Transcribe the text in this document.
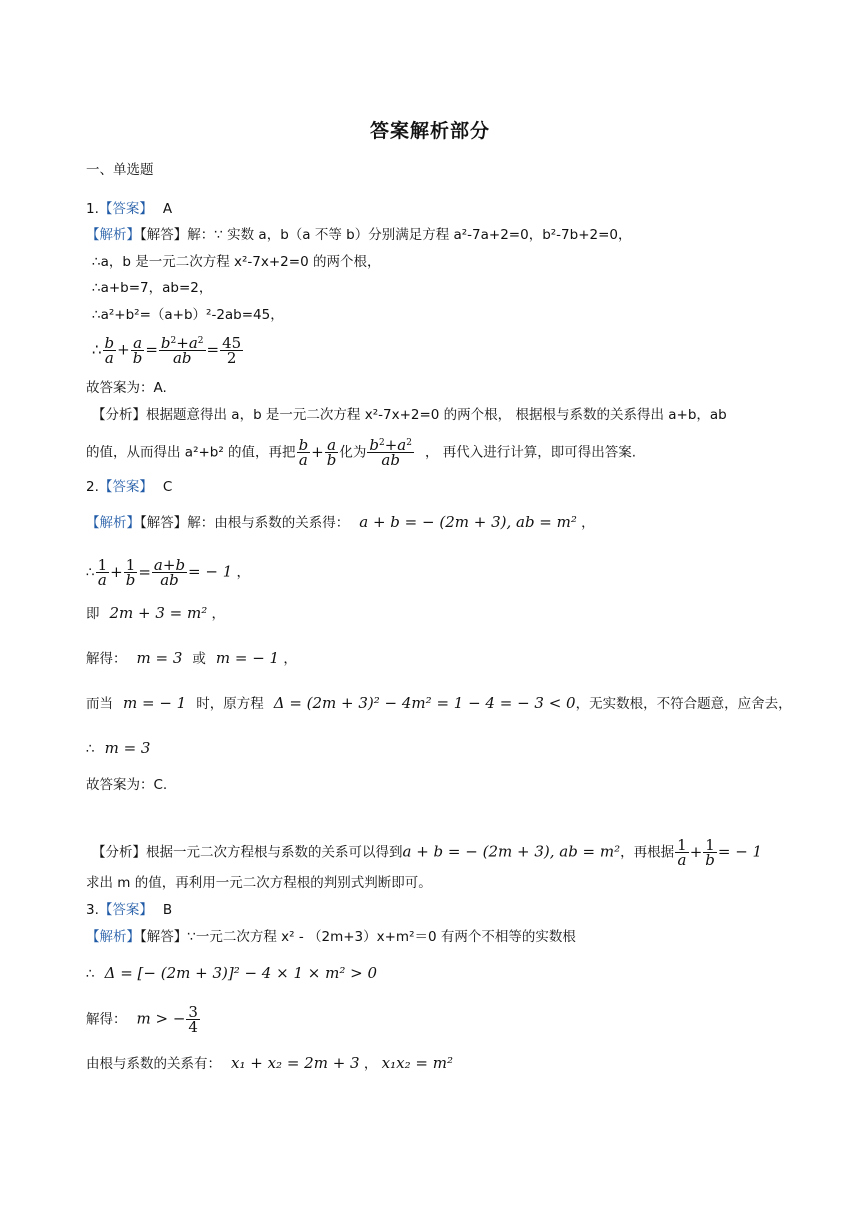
答案解析部分
一、单选题
1.【答案】 A
【解析】【解答】解：∵ 实数 a，b（a 不等 b）分别满足方程 a²-7a+2=0，b²-7b+2=0，
∴a，b 是一元二次方程 x²-7x+2=0 的两个根，
∴a+b=7，ab=2，
∴a²+b²=（a+b）²-2ab=45，
∴ $\frac{b}{a} + \frac{a}{b} = \frac{b^2+a^2}{ab} = \frac{45}{2}$
故答案为：A.
【分析】根据题意得出 a，b 是一元二次方程 x²-7x+2=0 的两个根， 根据根与系数的关系得出 a+b，ab
的值，从而得出 a²+b² 的值，再把 $\frac{b}{a} + \frac{a}{b}$ 化为 $\frac{b^2+a^2}{ab}$ ， 再代入进行计算，即可得出答案.
2.【答案】 C
【解析】【解答】解：由根与系数的关系得： a + b = − (2m + 3), ab = m² ，
∴ $\frac{1}{a} + \frac{1}{b} = \frac{a+b}{ab}$ = − 1 ，
即 2m + 3 = m² ，
解得： m = 3 或 m = − 1 ，
而当 m = − 1 时，原方程 Δ = (2m + 3)² − 4m² = 1 − 4 = − 3 < 0，无实数根，不符合题意，应舍去，
∴ m = 3
故答案为：C.
【分析】根据一元二次方程根与系数的关系可以得到a + b = − (2m + 3), ab = m²，再根据 $\frac{1}{a} + \frac{1}{b}$ = − 1
求出 m 的值，再利用一元二次方程根的判别式判断即可。
3.【答案】 B
【解析】【解答】∵一元二次方程 x² - （2m+3）x+m²＝0 有两个不相等的实数根
∴ Δ = [− (2m + 3)]² − 4 × 1 × m² > 0
解得： m > − $\frac{3}{4}$
由根与系数的关系有： x₁ + x₂ = 2m + 3 ， x₁x₂ = m²
